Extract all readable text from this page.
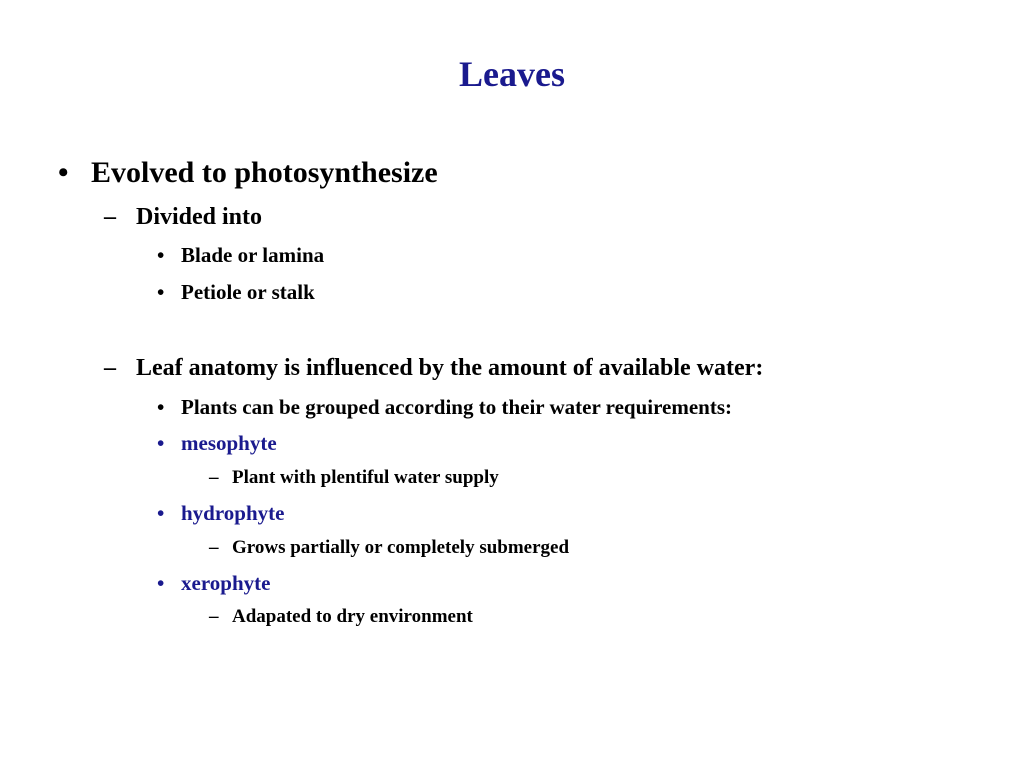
Leaves
• Evolved to photosynthesize
– Divided into
• Blade or lamina
• Petiole or stalk
– Leaf anatomy is influenced by the amount of available water:
• Plants can be grouped according to their water requirements:
• mesophyte
– Plant with plentiful water supply
• hydrophyte
– Grows partially or completely submerged
• xerophyte
– Adapated to dry environment
